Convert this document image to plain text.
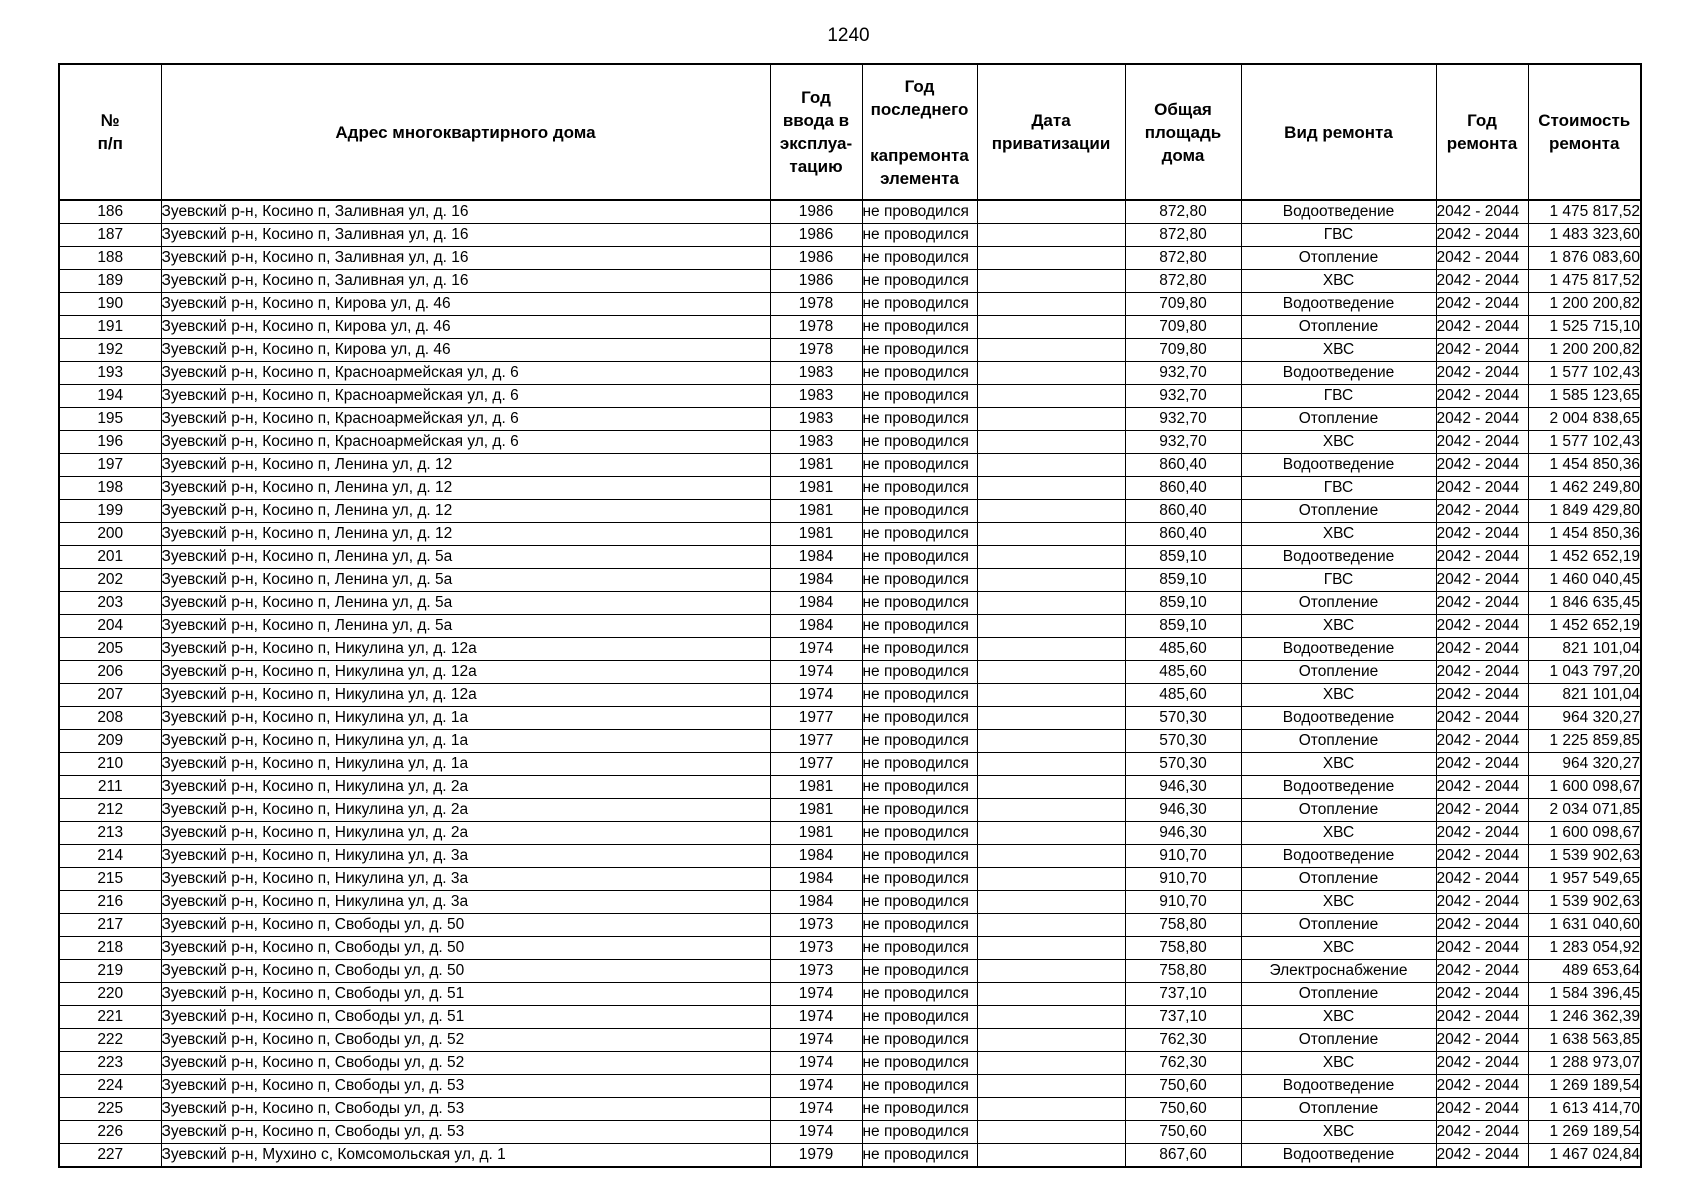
1240
№
п/п	Адрес многоквартирного дома	Год
ввода в
эксплуа-
тацию	Год
последнего

капремонта
элемента	Дата
приватизации	Общая
площадь
дома	Вид ремонта	Год
ремонта	Стоимость
ремонта

186	Зуевский р-н, Косино п, Заливная ул, д. 16	1986	не проводился		872,80	Водоотведение	2042 - 2044	1 475 817,52
187	Зуевский р-н, Косино п, Заливная ул, д. 16	1986	не проводился		872,80	ГВС	2042 - 2044	1 483 323,60
188	Зуевский р-н, Косино п, Заливная ул, д. 16	1986	не проводился		872,80	Отопление	2042 - 2044	1 876 083,60
189	Зуевский р-н, Косино п, Заливная ул, д. 16	1986	не проводился		872,80	ХВС	2042 - 2044	1 475 817,52
190	Зуевский р-н, Косино п, Кирова ул, д. 46	1978	не проводился		709,80	Водоотведение	2042 - 2044	1 200 200,82
191	Зуевский р-н, Косино п, Кирова ул, д. 46	1978	не проводился		709,80	Отопление	2042 - 2044	1 525 715,10
192	Зуевский р-н, Косино п, Кирова ул, д. 46	1978	не проводился		709,80	ХВС	2042 - 2044	1 200 200,82
193	Зуевский р-н, Косино п, Красноармейская ул, д. 6	1983	не проводился		932,70	Водоотведение	2042 - 2044	1 577 102,43
194	Зуевский р-н, Косино п, Красноармейская ул, д. 6	1983	не проводился		932,70	ГВС	2042 - 2044	1 585 123,65
195	Зуевский р-н, Косино п, Красноармейская ул, д. 6	1983	не проводился		932,70	Отопление	2042 - 2044	2 004 838,65
196	Зуевский р-н, Косино п, Красноармейская ул, д. 6	1983	не проводился		932,70	ХВС	2042 - 2044	1 577 102,43
197	Зуевский р-н, Косино п, Ленина ул, д. 12	1981	не проводился		860,40	Водоотведение	2042 - 2044	1 454 850,36
198	Зуевский р-н, Косино п, Ленина ул, д. 12	1981	не проводился		860,40	ГВС	2042 - 2044	1 462 249,80
199	Зуевский р-н, Косино п, Ленина ул, д. 12	1981	не проводился		860,40	Отопление	2042 - 2044	1 849 429,80
200	Зуевский р-н, Косино п, Ленина ул, д. 12	1981	не проводился		860,40	ХВС	2042 - 2044	1 454 850,36
201	Зуевский р-н, Косино п, Ленина ул, д. 5а	1984	не проводился		859,10	Водоотведение	2042 - 2044	1 452 652,19
202	Зуевский р-н, Косино п, Ленина ул, д. 5а	1984	не проводился		859,10	ГВС	2042 - 2044	1 460 040,45
203	Зуевский р-н, Косино п, Ленина ул, д. 5а	1984	не проводился		859,10	Отопление	2042 - 2044	1 846 635,45
204	Зуевский р-н, Косино п, Ленина ул, д. 5а	1984	не проводился		859,10	ХВС	2042 - 2044	1 452 652,19
205	Зуевский р-н, Косино п, Никулина ул, д. 12а	1974	не проводился		485,60	Водоотведение	2042 - 2044	821 101,04
206	Зуевский р-н, Косино п, Никулина ул, д. 12а	1974	не проводился		485,60	Отопление	2042 - 2044	1 043 797,20
207	Зуевский р-н, Косино п, Никулина ул, д. 12а	1974	не проводился		485,60	ХВС	2042 - 2044	821 101,04
208	Зуевский р-н, Косино п, Никулина ул, д. 1а	1977	не проводился		570,30	Водоотведение	2042 - 2044	964 320,27
209	Зуевский р-н, Косино п, Никулина ул, д. 1а	1977	не проводился		570,30	Отопление	2042 - 2044	1 225 859,85
210	Зуевский р-н, Косино п, Никулина ул, д. 1а	1977	не проводился		570,30	ХВС	2042 - 2044	964 320,27
211	Зуевский р-н, Косино п, Никулина ул, д. 2а	1981	не проводился		946,30	Водоотведение	2042 - 2044	1 600 098,67
212	Зуевский р-н, Косино п, Никулина ул, д. 2а	1981	не проводился		946,30	Отопление	2042 - 2044	2 034 071,85
213	Зуевский р-н, Косино п, Никулина ул, д. 2а	1981	не проводился		946,30	ХВС	2042 - 2044	1 600 098,67
214	Зуевский р-н, Косино п, Никулина ул, д. 3а	1984	не проводился		910,70	Водоотведение	2042 - 2044	1 539 902,63
215	Зуевский р-н, Косино п, Никулина ул, д. 3а	1984	не проводился		910,70	Отопление	2042 - 2044	1 957 549,65
216	Зуевский р-н, Косино п, Никулина ул, д. 3а	1984	не проводился		910,70	ХВС	2042 - 2044	1 539 902,63
217	Зуевский р-н, Косино п, Свободы ул, д. 50	1973	не проводился		758,80	Отопление	2042 - 2044	1 631 040,60
218	Зуевский р-н, Косино п, Свободы ул, д. 50	1973	не проводился		758,80	ХВС	2042 - 2044	1 283 054,92
219	Зуевский р-н, Косино п, Свободы ул, д. 50	1973	не проводился		758,80	Электроснабжение	2042 - 2044	489 653,64
220	Зуевский р-н, Косино п, Свободы ул, д. 51	1974	не проводился		737,10	Отопление	2042 - 2044	1 584 396,45
221	Зуевский р-н, Косино п, Свободы ул, д. 51	1974	не проводился		737,10	ХВС	2042 - 2044	1 246 362,39
222	Зуевский р-н, Косино п, Свободы ул, д. 52	1974	не проводился		762,30	Отопление	2042 - 2044	1 638 563,85
223	Зуевский р-н, Косино п, Свободы ул, д. 52	1974	не проводился		762,30	ХВС	2042 - 2044	1 288 973,07
224	Зуевский р-н, Косино п, Свободы ул, д. 53	1974	не проводился		750,60	Водоотведение	2042 - 2044	1 269 189,54
225	Зуевский р-н, Косино п, Свободы ул, д. 53	1974	не проводился		750,60	Отопление	2042 - 2044	1 613 414,70
226	Зуевский р-н, Косино п, Свободы ул, д. 53	1974	не проводился		750,60	ХВС	2042 - 2044	1 269 189,54
227	Зуевский р-н, Мухино с, Комсомольская ул, д. 1	1979	не проводился		867,60	Водоотведение	2042 - 2044	1 467 024,84
